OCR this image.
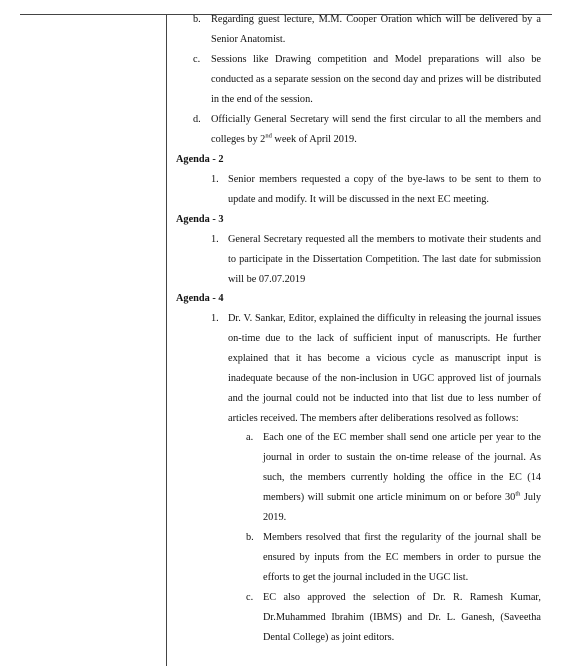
b. Regarding guest lecture, M.M. Cooper Oration which will be delivered by a Senior Anatomist.
c. Sessions like Drawing competition and Model preparations will also be conducted as a separate session on the second day and prizes will be distributed in the end of the session.
d. Officially General Secretary will send the first circular to all the members and colleges by 2nd week of April 2019.
Agenda - 2
1. Senior members requested a copy of the bye-laws to be sent to them to update and modify. It will be discussed in the next EC meeting.
Agenda - 3
1. General Secretary requested all the members to motivate their students and to participate in the Dissertation Competition. The last date for submission will be 07.07.2019
Agenda - 4
1. Dr. V. Sankar, Editor, explained the difficulty in releasing the journal issues on-time due to the lack of sufficient input of manuscripts. He further explained that it has become a vicious cycle as manuscript input is inadequate because of the non-inclusion in UGC approved list of journals and the journal could not be inducted into that list due to less number of articles received. The members after deliberations resolved as follows:
a. Each one of the EC member shall send one article per year to the journal in order to sustain the on-time release of the journal. As such, the members currently holding the office in the EC (14 members) will submit one article minimum on or before 30th July 2019.
b. Members resolved that first the regularity of the journal shall be ensured by inputs from the EC members in order to pursue the efforts to get the journal included in the UGC list.
c. EC also approved the selection of Dr. R. Ramesh Kumar, Dr.Muhammed Ibrahim (IBMS) and Dr. L. Ganesh, (Saveetha Dental College) as joint editors.
